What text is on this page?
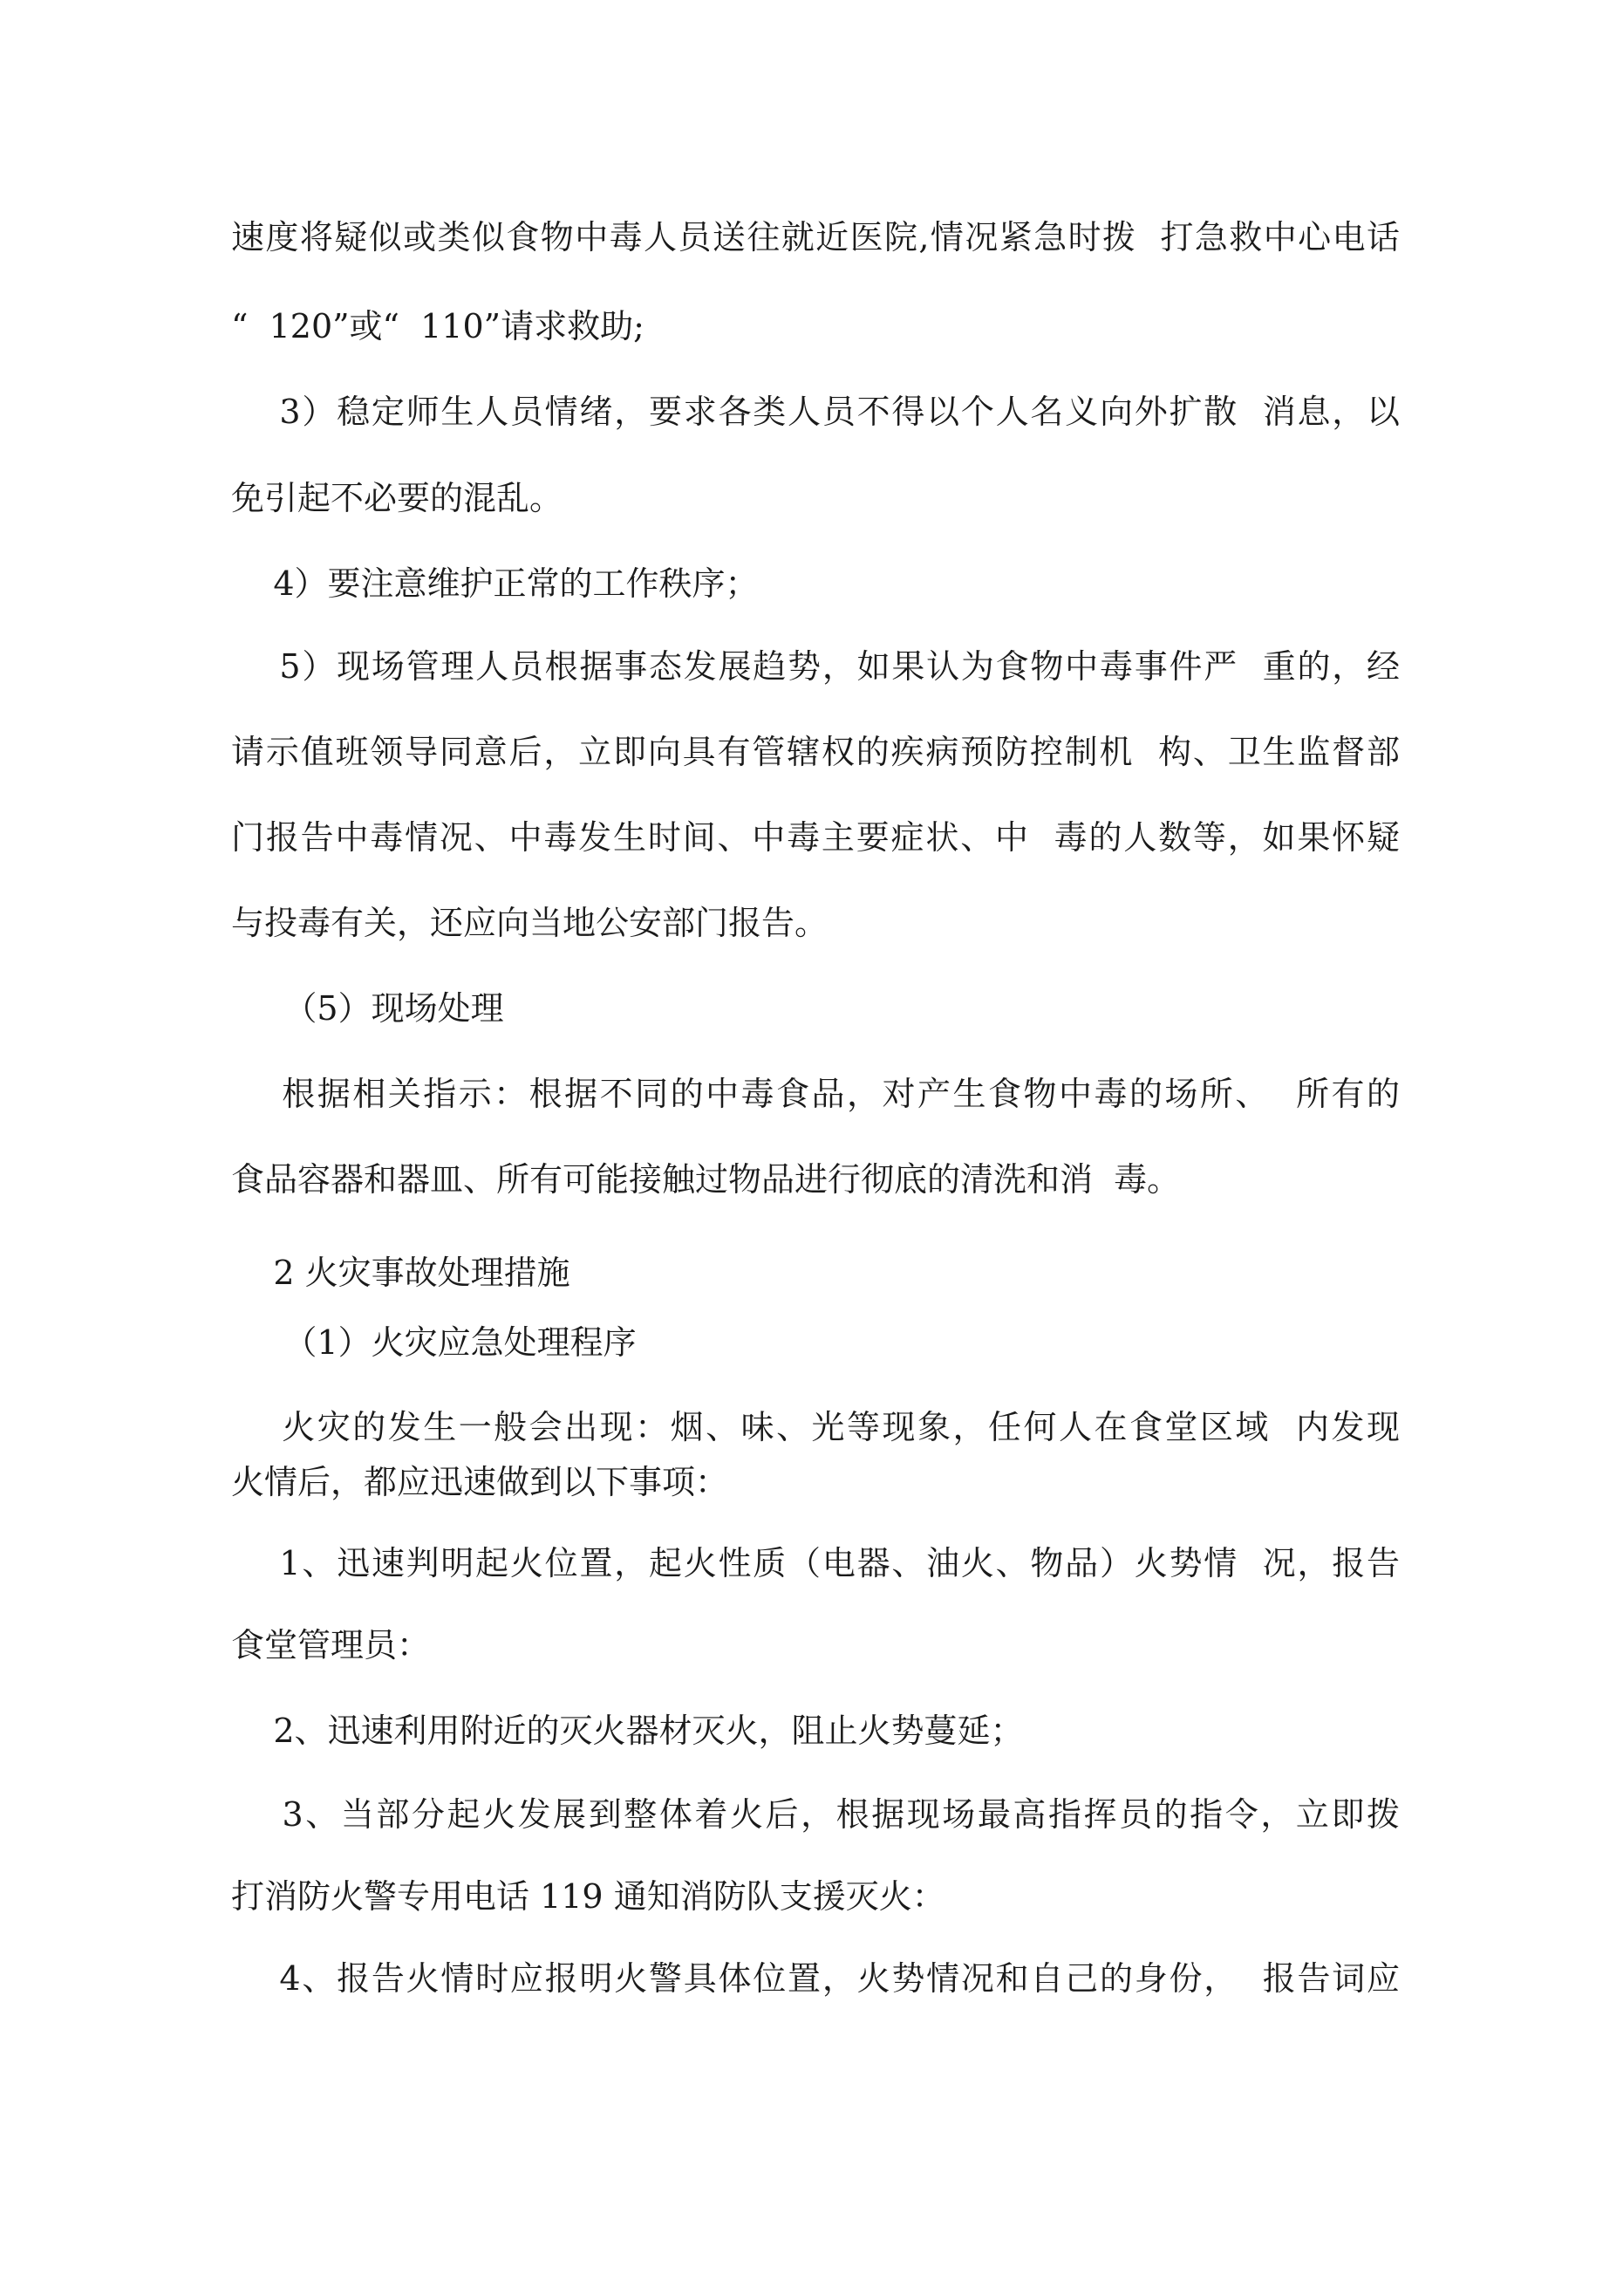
速度将疑似或类似食物中毒人员送往就近医院,情况紧急时拨  打急救中心电话
“  120”或“  110”请求救助;
3）稳定师生人员情绪，要求各类人员不得以个人名义向外扩散  消息，以
免引起不必要的混乱。
4）要注意维护正常的工作秩序；
5）现场管理人员根据事态发展趋势，如果认为食物中毒事件严  重的，经
请示值班领导同意后，立即向具有管辖权的疾病预防控制机  构、卫生监督部
门报告中毒情况、中毒发生时间、中毒主要症状、中  毒的人数等，如果怀疑
与投毒有关，还应向当地公安部门报告。
（5）现场处理
根据相关指示：根据不同的中毒食品，对产生食物中毒的场所、  所有的
食品容器和器皿、所有可能接触过物品进行彻底的清洗和消  毒。
2 火灾事故处理措施
（1）火灾应急处理程序
火灾的发生一般会出现：烟、味、光等现象，任何人在食堂区域  内发现
火情后，都应迅速做到以下事项：
1、迅速判明起火位置，起火性质（电器、油火、物品）火势情  况，报告
食堂管理员：
2、迅速利用附近的灭火器材灭火，阻止火势蔓延；
3、当部分起火发展到整体着火后，根据现场最高指挥员的指令，立即拨
打消防火警专用电话 119 通知消防队支援灭火：
4、报告火情时应报明火警具体位置，火势情况和自己的身份，  报告词应
